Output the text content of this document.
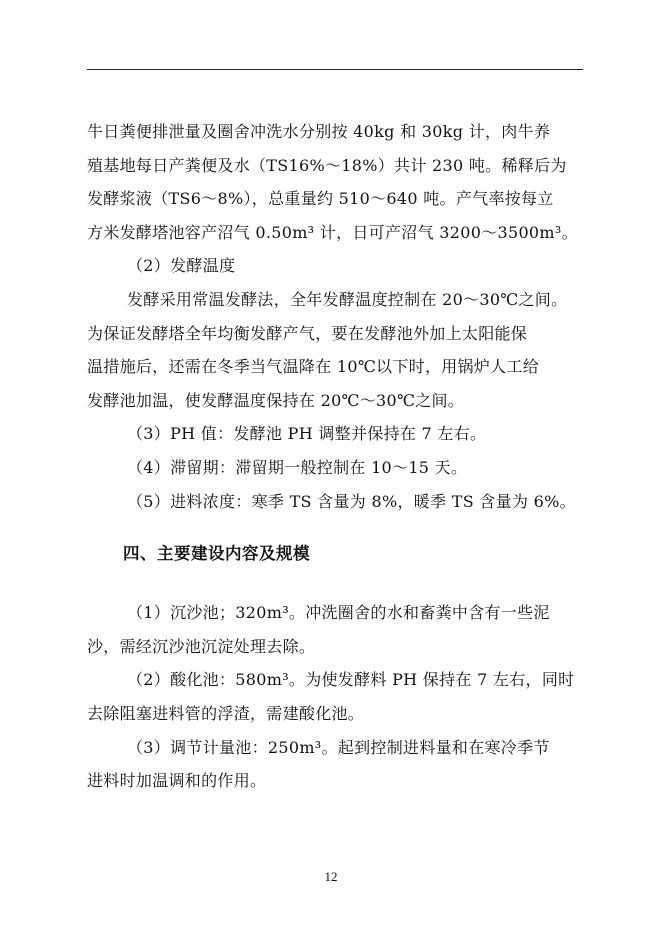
牛日粪便排泄量及圈舍冲洗水分别按 40kg 和 30kg 计，肉牛养
殖基地每日产粪便及水（TS16%～18%）共计 230 吨。稀释后为
发酵浆液（TS6～8%），总重量约 510～640 吨。产气率按每立
方米发酵塔池容产沼气 0.50m³ 计，日可产沼气 3200～3500m³。
（2）发酵温度
发酵采用常温发酵法，全年发酵温度控制在 20～30℃之间。
为保证发酵塔全年均衡发酵产气，要在发酵池外加上太阳能保
温措施后，还需在冬季当气温降在 10℃以下时，用锅炉人工给
发酵池加温，使发酵温度保持在 20℃～30℃之间。
（3）PH 值：发酵池 PH 调整并保持在 7 左右。
（4）滞留期：滞留期一般控制在 10～15 天。
（5）进料浓度：寒季 TS 含量为 8%，暖季 TS 含量为 6%。
四、主要建设内容及规模
（1）沉沙池；320m³。冲洗圈舍的水和畜粪中含有一些泥
沙，需经沉沙池沉淀处理去除。
（2）酸化池：580m³。为使发酵料 PH 保持在 7 左右，同时
去除阻塞进料管的浮渣，需建酸化池。
（3）调节计量池：250m³。起到控制进料量和在寒冷季节
进料时加温调和的作用。
12
